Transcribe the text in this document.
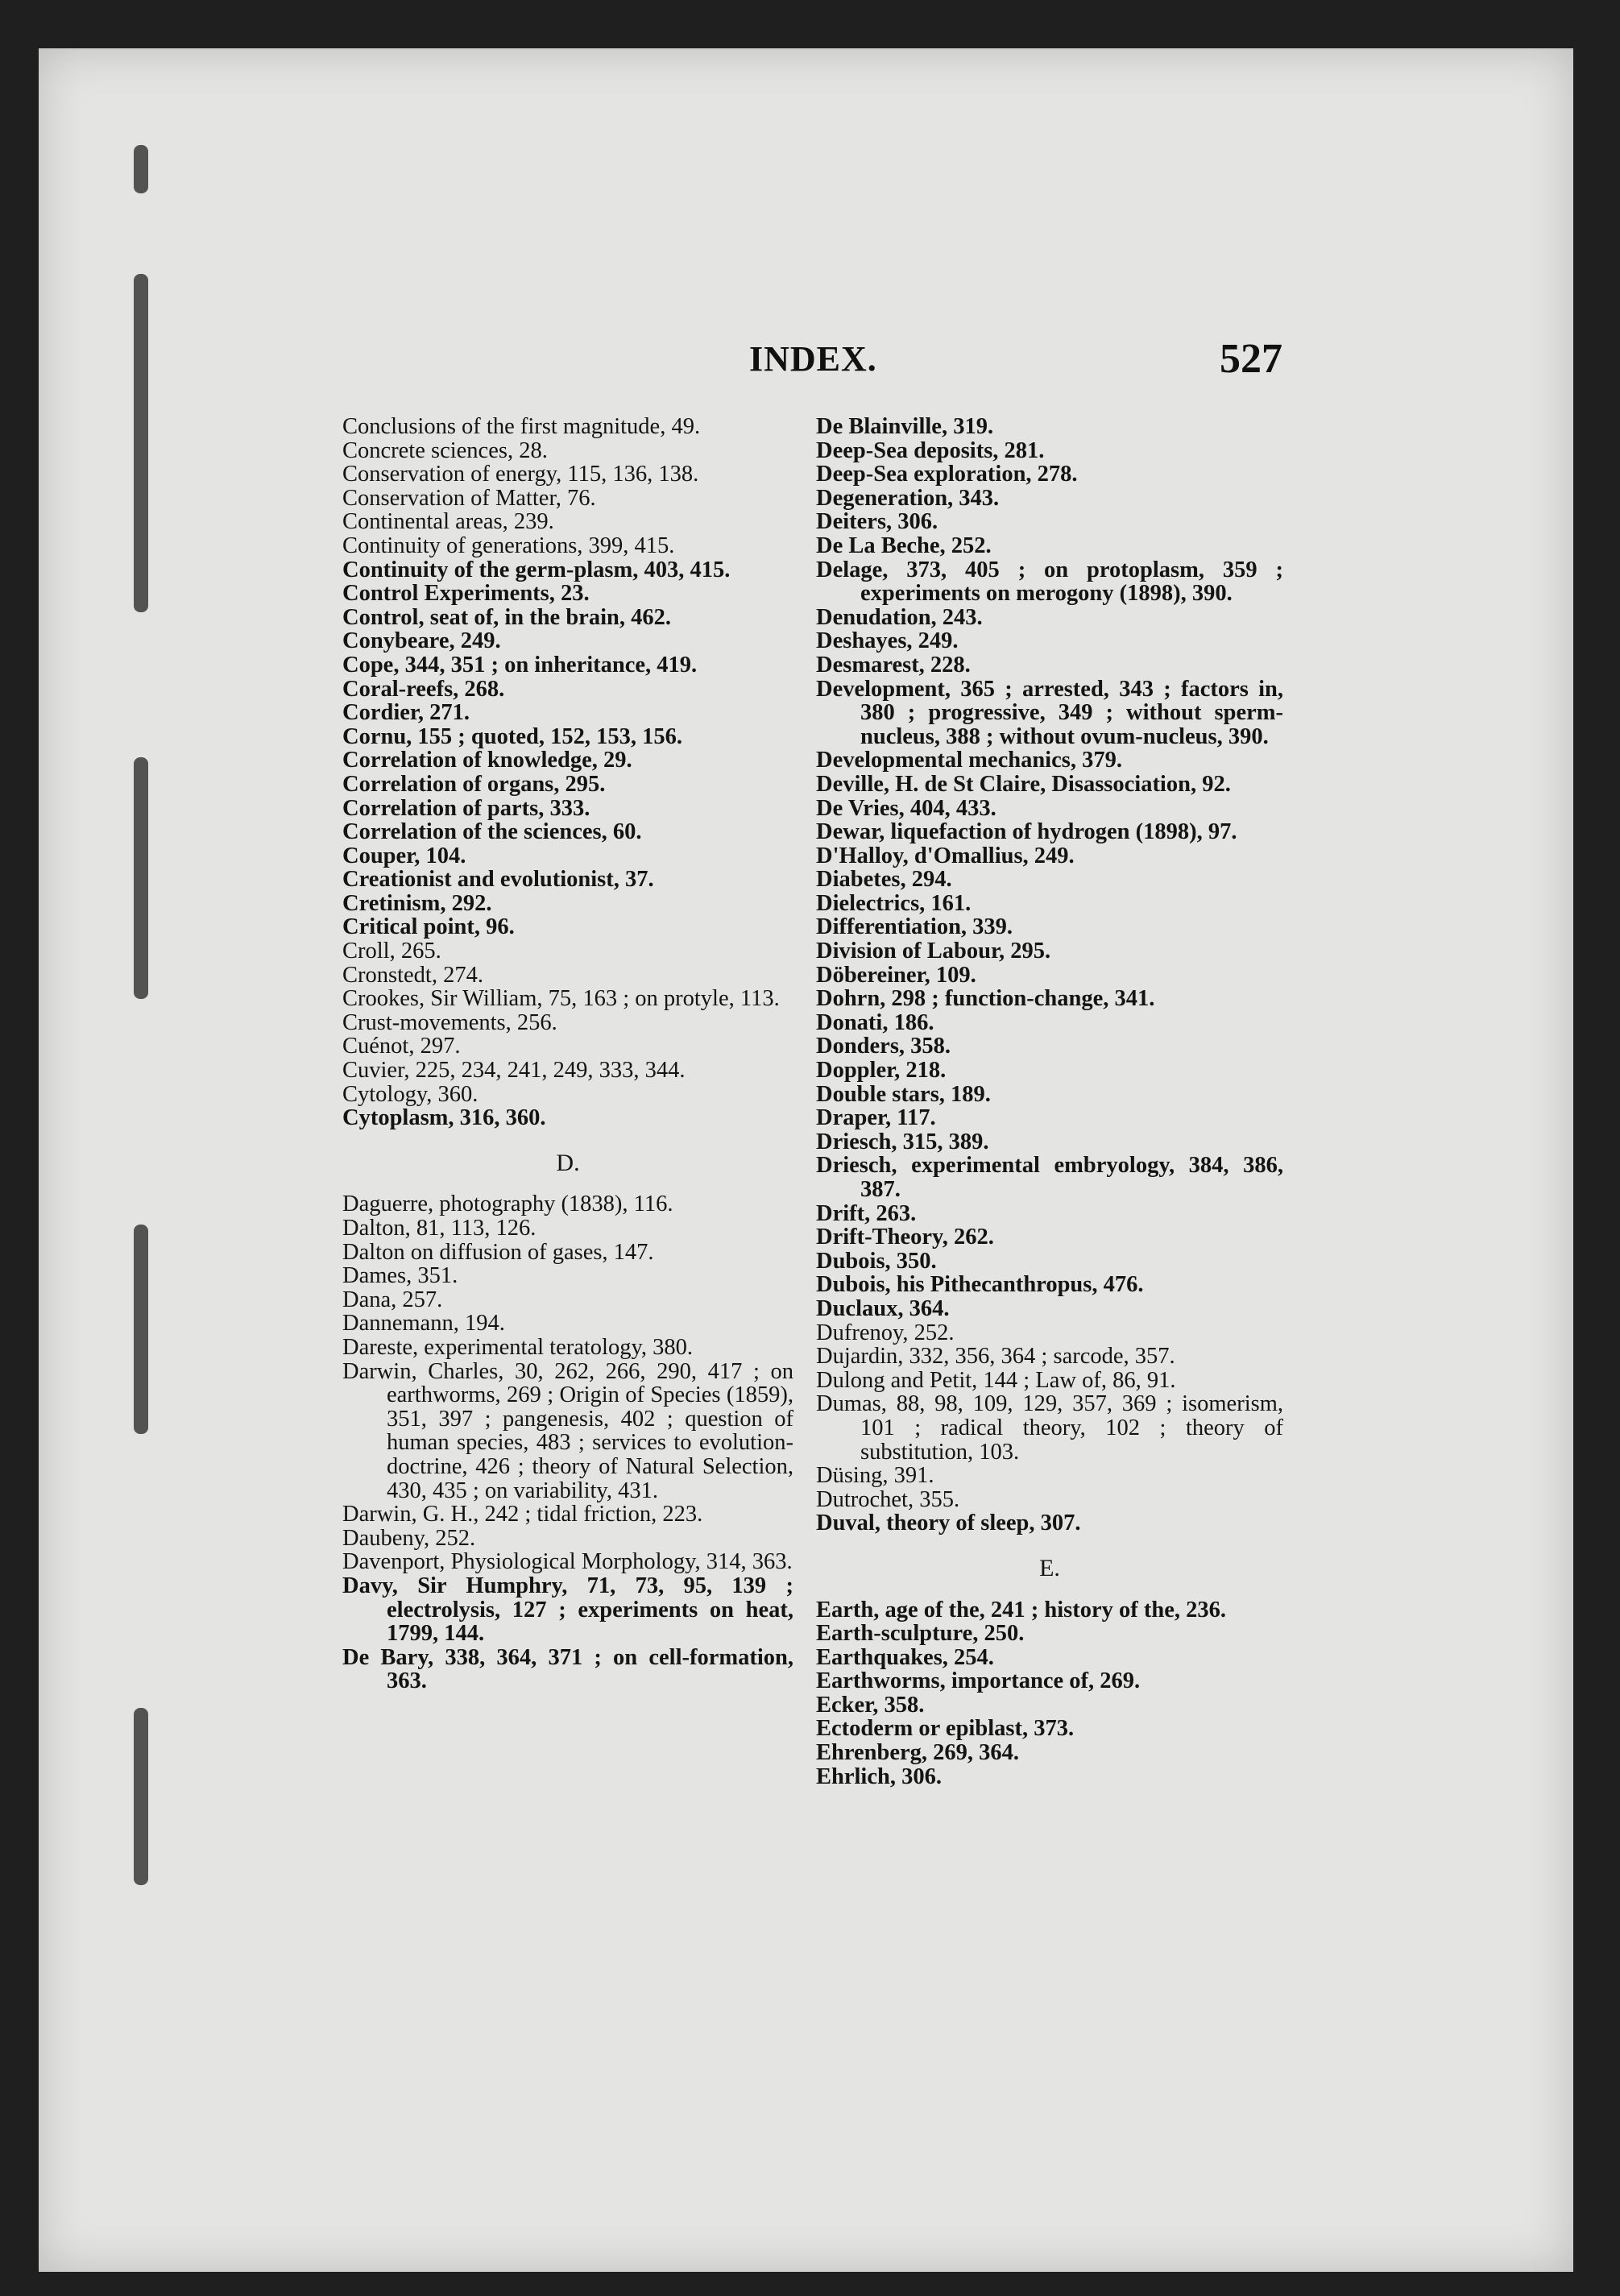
INDEX.	527
Conclusions of the first magnitude, 49.
Concrete sciences, 28.
Conservation of energy, 115, 136, 138.
Conservation of Matter, 76.
Continental areas, 239.
Continuity of generations, 399, 415.
Continuity of the germ-plasm, 403, 415.
Control Experiments, 23.
Control, seat of, in the brain, 462.
Conybeare, 249.
Cope, 344, 351 ; on inheritance, 419.
Coral-reefs, 268.
Cordier, 271.
Cornu, 155 ; quoted, 152, 153, 156.
Correlation of knowledge, 29.
Correlation of organs, 295.
Correlation of parts, 333.
Correlation of the sciences, 60.
Couper, 104.
Creationist and evolutionist, 37.
Cretinism, 292.
Critical point, 96.
Croll, 265.
Cronstedt, 274.
Crookes, Sir William, 75, 163 ; on protyle, 113.
Crust-movements, 256.
Cuénot, 297.
Cuvier, 225, 234, 241, 249, 333, 344.
Cytology, 360.
Cytoplasm, 316, 360.
D.
Daguerre, photography (1838), 116.
Dalton, 81, 113, 126.
Dalton on diffusion of gases, 147.
Dames, 351.
Dana, 257.
Dannemann, 194.
Dareste, experimental teratology, 380.
Darwin, Charles, 30, 262, 266, 290, 417 ; on earthworms, 269 ; Origin of Species (1859), 351, 397 ; pangenesis, 402 ; question of human species, 483 ; services to evolution-doctrine, 426 ; theory of Natural Selection, 430, 435 ; on variability, 431.
Darwin, G. H., 242 ; tidal friction, 223.
Daubeny, 252.
Davenport, Physiological Morphology, 314, 363.
Davy, Sir Humphry, 71, 73, 95, 139 ; electrolysis, 127 ; experiments on heat, 1799, 144.
De Bary, 338, 364, 371 ; on cell-formation, 363.
De Blainville, 319.
Deep-Sea deposits, 281.
Deep-Sea exploration, 278.
Degeneration, 343.
Deiters, 306.
De La Beche, 252.
Delage, 373, 405 ; on protoplasm, 359 ; experiments on merogony (1898), 390.
Denudation, 243.
Deshayes, 249.
Desmarest, 228.
Development, 365 ; arrested, 343 ; factors in, 380 ; progressive, 349 ; without sperm-nucleus, 388 ; without ovum-nucleus, 390.
Developmental mechanics, 379.
Deville, H. de St Claire, Disassociation, 92.
De Vries, 404, 433.
Dewar, liquefaction of hydrogen (1898), 97.
D'Halloy, d'Omallius, 249.
Diabetes, 294.
Dielectrics, 161.
Differentiation, 339.
Division of Labour, 295.
Döbereiner, 109.
Dohrn, 298 ; function-change, 341.
Donati, 186.
Donders, 358.
Doppler, 218.
Double stars, 189.
Draper, 117.
Driesch, 315, 389.
Driesch, experimental embryology, 384, 386, 387.
Drift, 263.
Drift-Theory, 262.
Dubois, 350.
Dubois, his Pithecanthropus, 476.
Duclaux, 364.
Dufrenoy, 252.
Dujardin, 332, 356, 364 ; sarcode, 357.
Dulong and Petit, 144 ; Law of, 86, 91.
Dumas, 88, 98, 109, 129, 357, 369 ; isomerism, 101 ; radical theory, 102 ; theory of substitution, 103.
Düsing, 391.
Dutrochet, 355.
Duval, theory of sleep, 307.
E.
Earth, age of the, 241 ; history of the, 236.
Earth-sculpture, 250.
Earthquakes, 254.
Earthworms, importance of, 269.
Ecker, 358.
Ectoderm or epiblast, 373.
Ehrenberg, 269, 364.
Ehrlich, 306.
